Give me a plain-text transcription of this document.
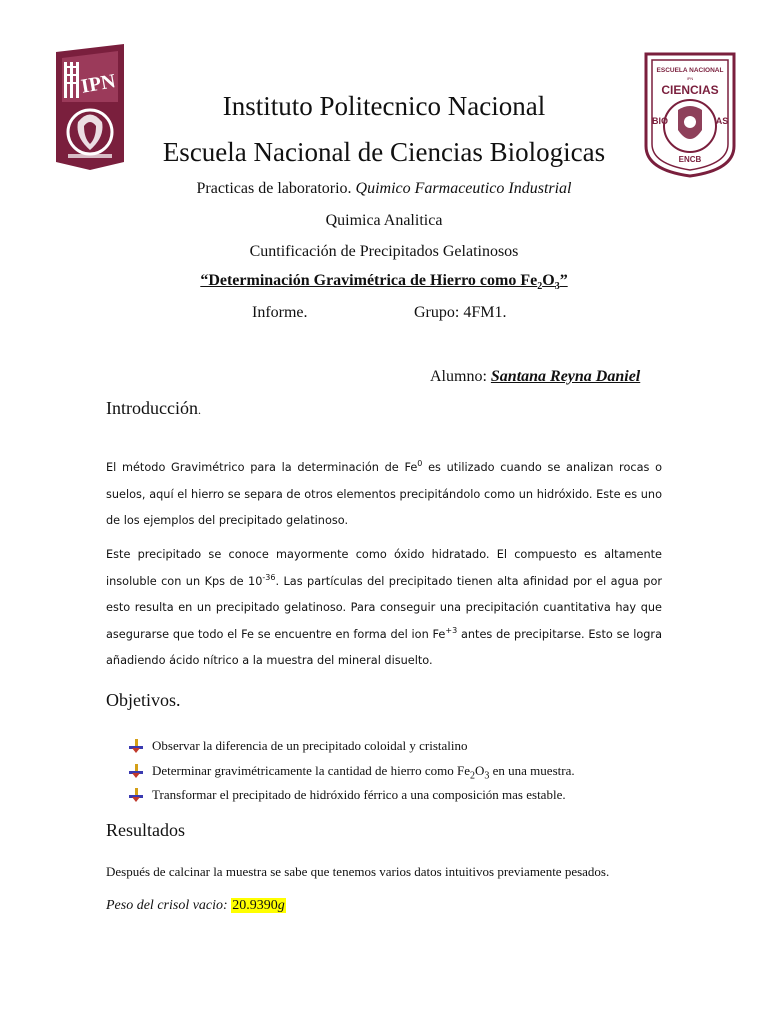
IPN	ESCUELA NACIONAL
IPN
CIENCIAS
BIO	AS
ENCB
Instituto Politecnico Nacional
Escuela Nacional de Ciencias Biologicas
Practicas de laboratorio. Quimico Farmaceutico Industrial
Quimica Analitica
Cuntificación de Precipitados Gelatinosos
“Determinación Gravimétrica de Hierro como $Fe_2O_3$”
Informe.	Grupo: 4FM1.
Alumno: Santana Reyna Daniel
Introducción.
El método Gravimétrico para la determinación de Fe$^0$ es utilizado cuando se analizan rocas o suelos, aquí el hierro se separa de otros elementos precipitándolo como un hidróxido. Este es uno de los ejemplos del precipitado gelatinoso.
Este precipitado se conoce mayormente como óxido hidratado. El compuesto es altamente insoluble con un Kps de $10^{-36}$. Las partículas del precipitado tienen alta afinidad por el agua por esto resulta en un precipitado gelatinoso. Para conseguir una precipitación cuantitativa hay que asegurarse que todo el Fe se encuentre en forma del ion $Fe^{+3}$ antes de precipitarse. Esto se logra añadiendo ácido nítrico a la muestra del mineral disuelto.
Objetivos.
Observar la diferencia de un precipitado coloidal y cristalino
Determinar gravimétricamente la cantidad de hierro como $Fe_2O_3$ en una muestra.
Transformar el precipitado de hidróxido férrico a una composición mas estable.
Resultados
Después de calcinar la muestra se sabe que tenemos varios datos intuitivos previamente pesados.
Peso del crisol vacio: 20.9390g
